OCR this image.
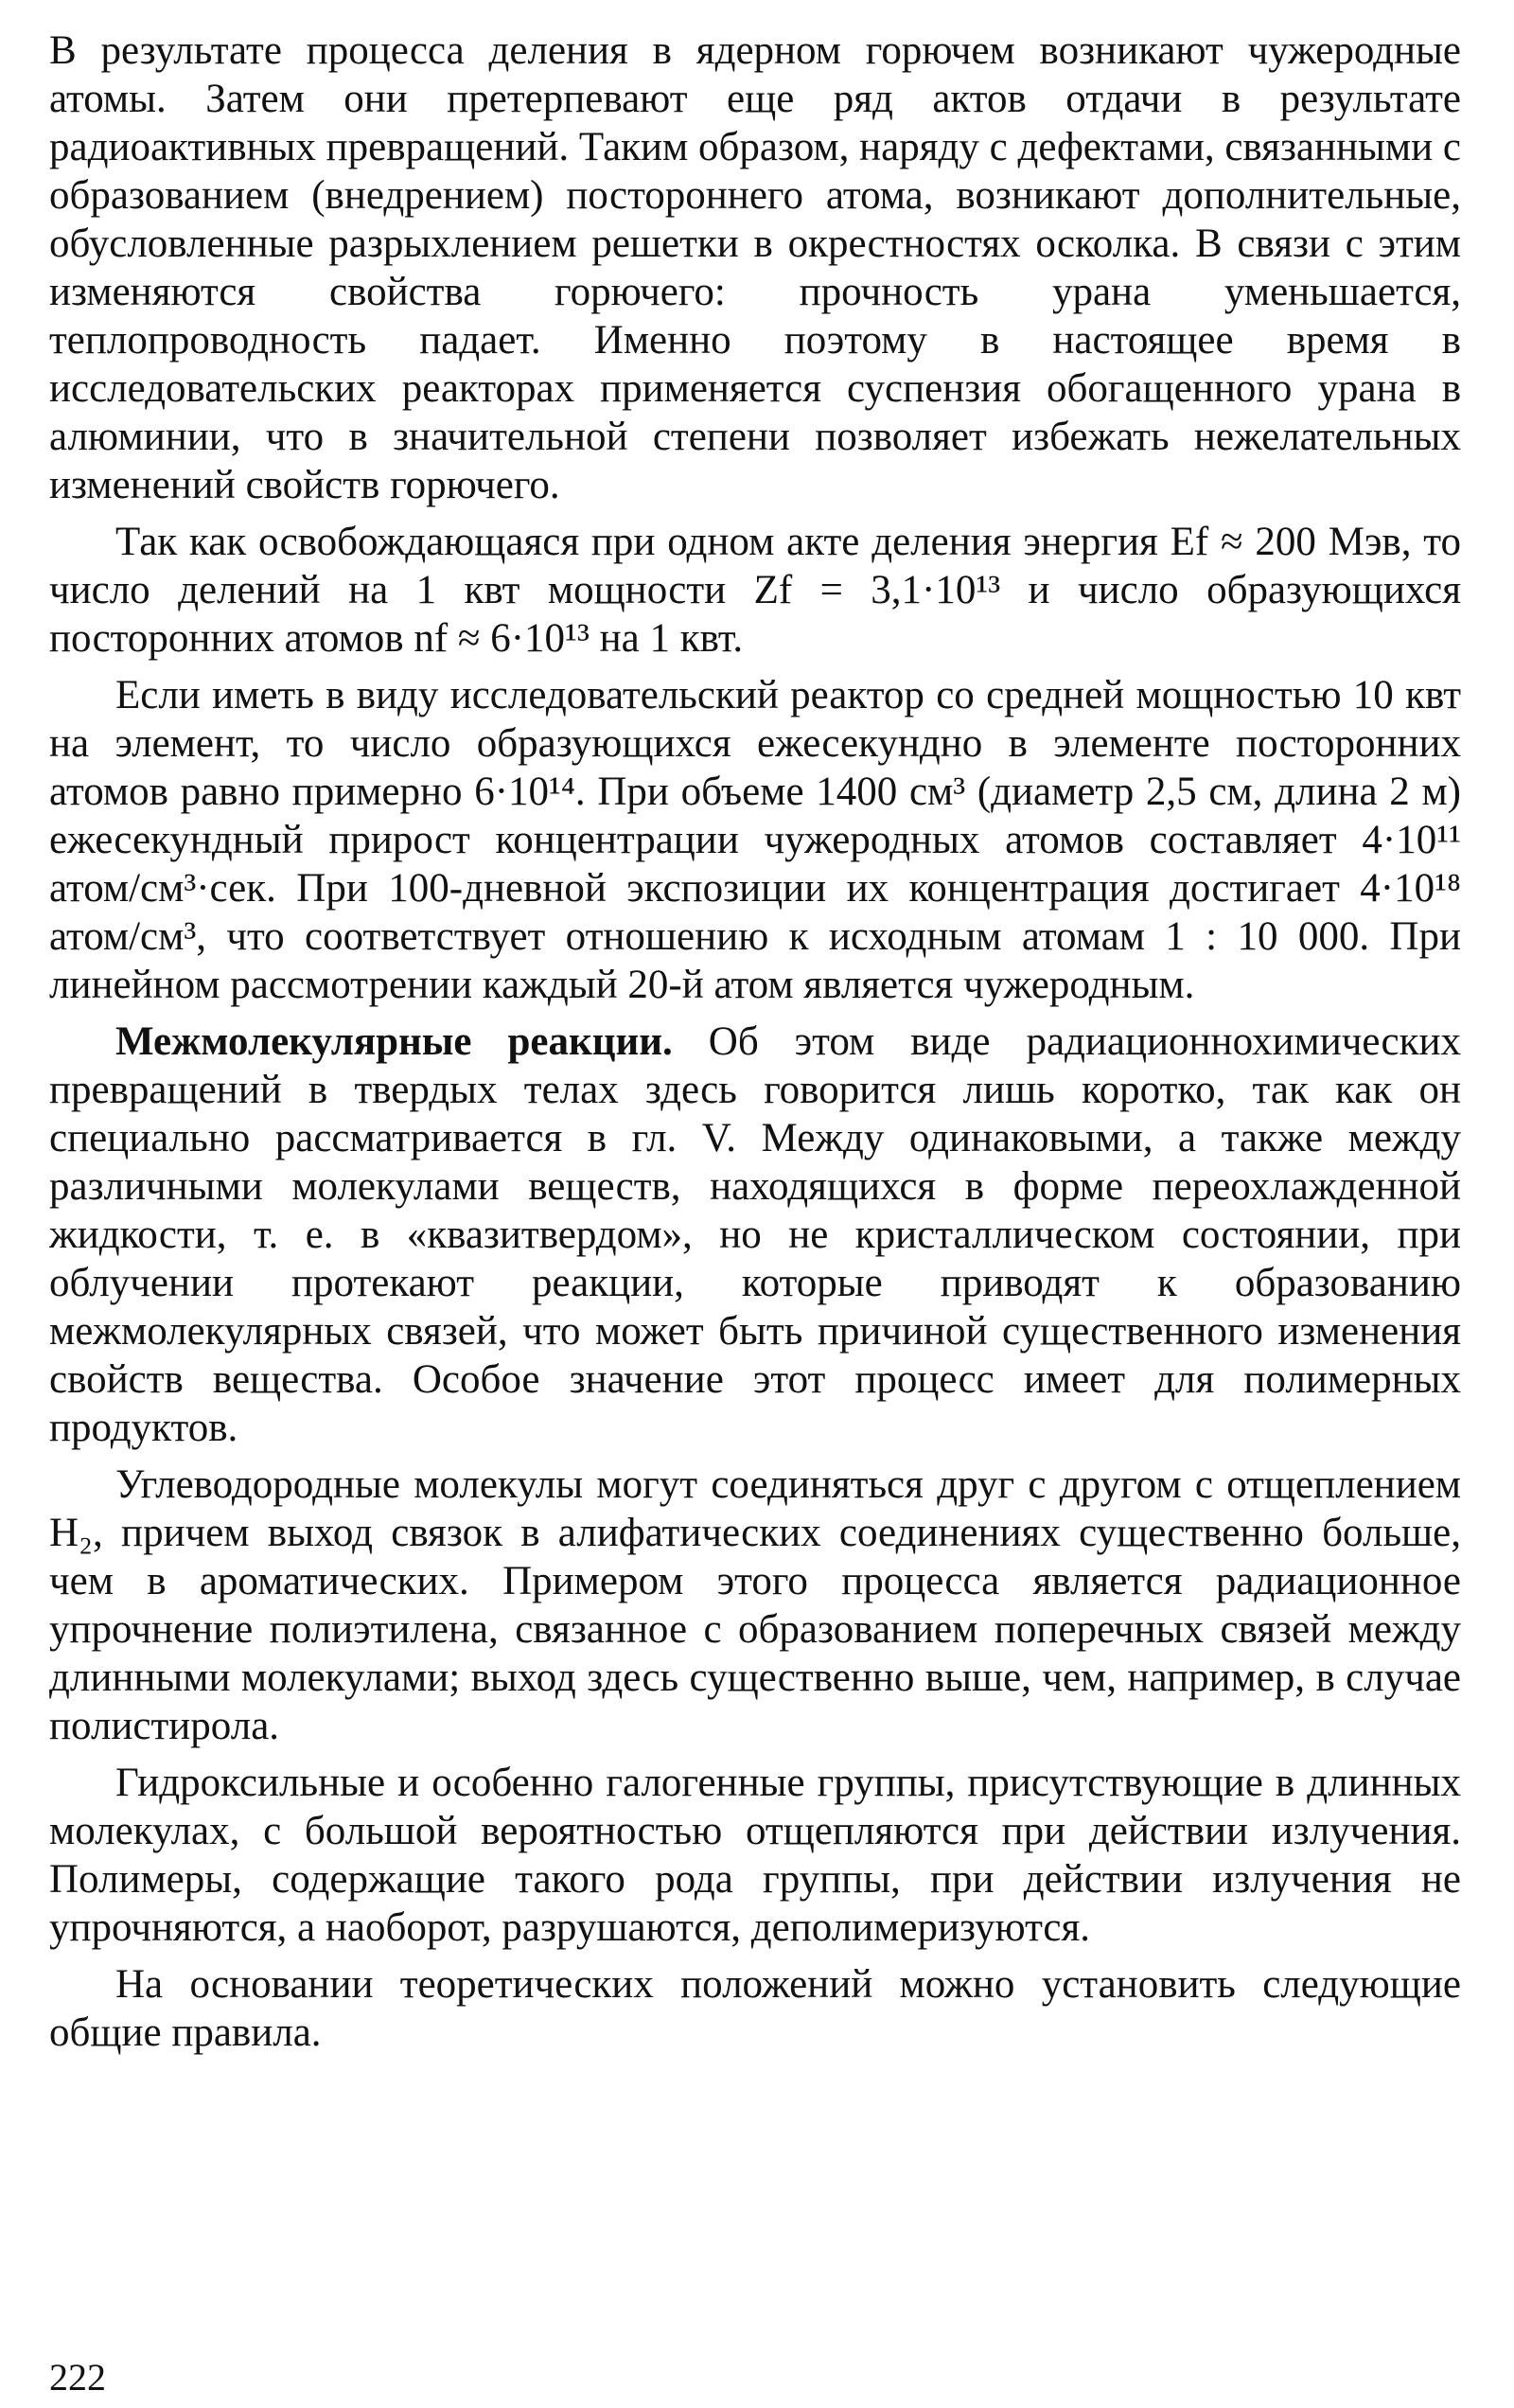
В результате процесса деления в ядерном горючем возникают чужеродные атомы. Затем они претерпевают еще ряд актов отдачи в результате радиоактивных превращений. Таким образом, наряду с дефектами, связанными с образованием (внедрением) постороннего атома, возникают дополнительные, обусловленные разрыхлением решетки в окрестностях осколка. В связи с этим изменяются свойства горючего: прочность урана уменьшается, теплопроводность падает. Именно поэтому в настоящее время в исследовательских реакторах применяется суспензия обогащенного урана в алюминии, что в значительной степени позволяет избежать нежелательных изменений свойств горючего.

Так как освобождающаяся при одном акте деления энергия Ef ≈ 200 Мэв, то число делений на 1 квт мощности Zf = 3,1·10¹³ и число образующихся посторонних атомов nf ≈ 6·10¹³ на 1 квт.

Если иметь в виду исследовательский реактор со средней мощностью 10 квт на элемент, то число образующихся ежесекундно в элементе посторонних атомов равно примерно 6·10¹⁴. При объеме 1400 см³ (диаметр 2,5 см, длина 2 м) ежесекундный прирост концентрации чужеродных атомов составляет 4·10¹¹ атом/см³·сек. При 100-дневной экспозиции их концентрация достигает 4·10¹⁸ атом/см³, что соответствует отношению к исходным атомам 1 : 10 000. При линейном рассмотрении каждый 20-й атом является чужеродным.

Межмолекулярные реакции. Об этом виде радиационнохимических превращений в твердых телах здесь говорится лишь коротко, так как он специально рассматривается в гл. V. Между одинаковыми, а также между различными молекулами веществ, находящихся в форме переохлажденной жидкости, т. е. в «квазитвердом», но не кристаллическом состоянии, при облучении протекают реакции, которые приводят к образованию межмолекулярных связей, что может быть причиной существенного изменения свойств вещества. Особое значение этот процесс имеет для полимерных продуктов.

Углеводородные молекулы могут соединяться друг с другом с отщеплением H₂, причем выход связок в алифатических соединениях существенно больше, чем в ароматических. Примером этого процесса является радиационное упрочнение полиэтилена, связанное с образованием поперечных связей между длинными молекулами; выход здесь существенно выше, чем, например, в случае полистирола.

Гидроксильные и особенно галогенные группы, присутствующие в длинных молекулах, с большой вероятностью отщепляются при действии излучения. Полимеры, содержащие такого рода группы, при действии излучения не упрочняются, а наоборот, разрушаются, деполимеризуются.

На основании теоретических положений можно установить следующие общие правила.

222
